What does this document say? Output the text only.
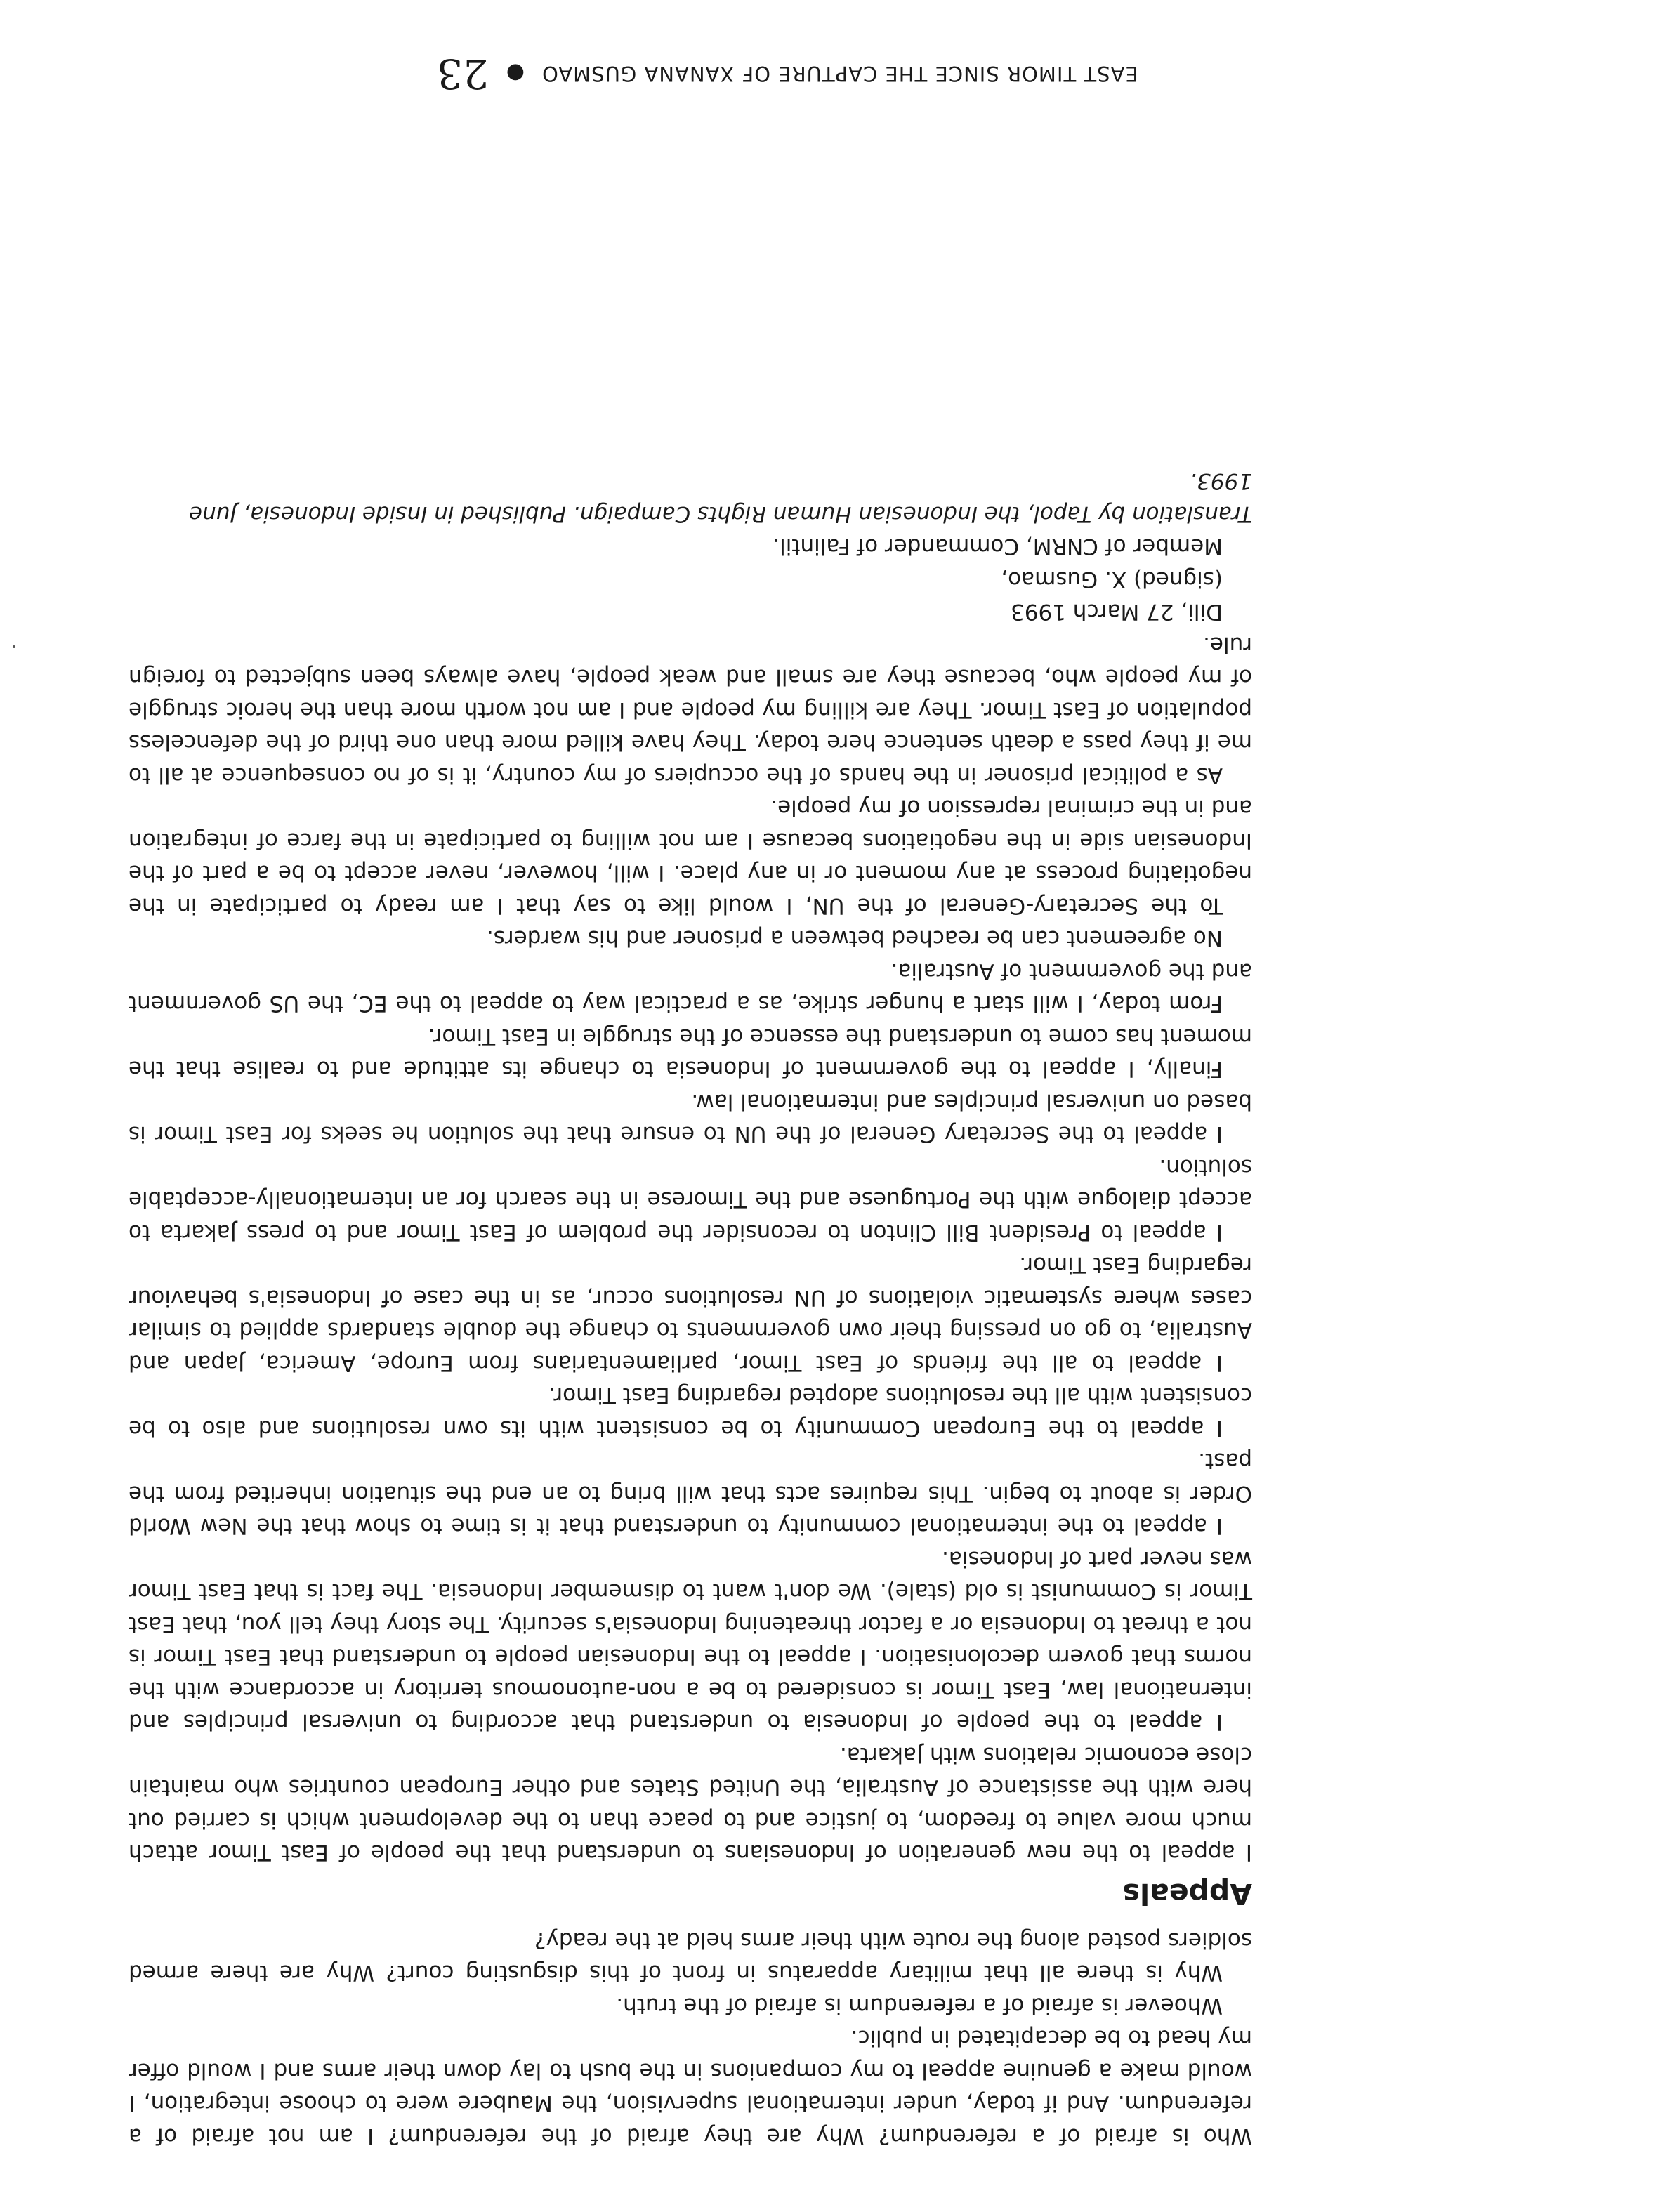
EAST TIMOR SINCE THE CAPTURE OF XANANA GUSMAO
●
23

Who is afraid of a referendum? Why are they afraid of the referendum? I am not afraid of a referendum. And if today, under international supervision, the Maubere were to choose integration, I would make a genuine appeal to my companions in the bush to lay down their arms and I would offer my head to be decapitated in public.

Whoever is afraid of a referendum is afraid of the truth.

Why is there all that military apparatus in front of this disgusting court? Why are there armed soldiers posted along the route with their arms held at the ready?

Appeals

I appeal to the new generation of Indonesians to understand that the people of East Timor attach much more value to freedom, to justice and to peace than to the development which is carried out here with the assistance of Australia, the United States and other European countries who maintain close economic relations with Jakarta.

I appeal to the people of Indonesia to understand that according to universal principles and international law, East Timor is considered to be a non-autonomous territory in accordance with the norms that govern decolonisation. I appeal to the Indonesian people to understand that East Timor is not a threat to Indonesia or a factor threatening Indonesia's security. The story they tell you, that East Timor is Communist is old (stale). We don't want to dismember Indonesia. The fact is that East Timor was never part of Indonesia.

I appeal to the international community to understand that it is time to show that the New World Order is about to begin. This requires acts that will bring to an end the situation inherited from the past.

I appeal to the European Community to be consistent with its own resolutions and also to be consistent with all the resolutions adopted regarding East Timor.

I appeal to all the friends of East Timor, parliamentarians from Europe, America, Japan and Australia, to go on pressing their own governments to change the double standards applied to similar cases where systematic violations of UN resolutions occur, as in the case of Indonesia's behaviour regarding East Timor.

I appeal to President Bill Clinton to reconsider the problem of East Timor and to press Jakarta to accept dialogue with the Portuguese and the Timorese in the search for an internationally-acceptable solution.

I appeal to the Secretary General of the UN to ensure that the solution he seeks for East Timor is based on universal principles and international law.

Finally, I appeal to the government of Indonesia to change its attitude and to realise that the moment has come to understand the essence of the struggle in East Timor.

From today, I will start a hunger strike, as a practical way to appeal to the EC, the US government and the government of Australia.

No agreement can be reached between a prisoner and his warders.

To the Secretary-General of the UN, I would like to say that I am ready to participate in the negotiating process at any moment or in any place. I will, however, never accept to be a part of the Indonesian side in the negotiations because I am not willing to participate in the farce of integration and in the criminal repression of my people.

As a political prisoner in the hands of the occupiers of my country, it is of no consequence at all to me if they pass a death sentence here today. They have killed more than one third of the defenceless population of East Timor. They are killing my people and I am not worth more than the heroic struggle of my people who, because they are small and weak people, have always been subjected to foreign rule.

Dili, 27 March 1993

(signed) X. Gusmao,

Member of CNRM, Commander of Falintil.

Translation by Tapol, the Indonesian Human Rights Campaign. Published in Inside Indonesia, June 1993.
